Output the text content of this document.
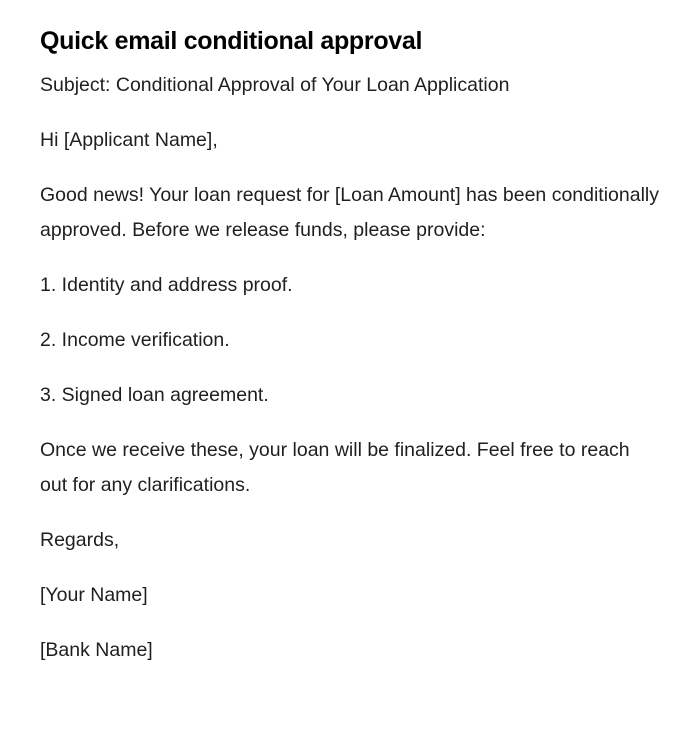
Quick email conditional approval

Subject: Conditional Approval of Your Loan Application

Hi [Applicant Name],

Good news! Your loan request for [Loan Amount] has been conditionally approved. Before we release funds, please provide:

1. Identity and address proof.

2. Income verification.

3. Signed loan agreement.

Once we receive these, your loan will be finalized. Feel free to reach out for any clarifications.

Regards,

[Your Name]

[Bank Name]
